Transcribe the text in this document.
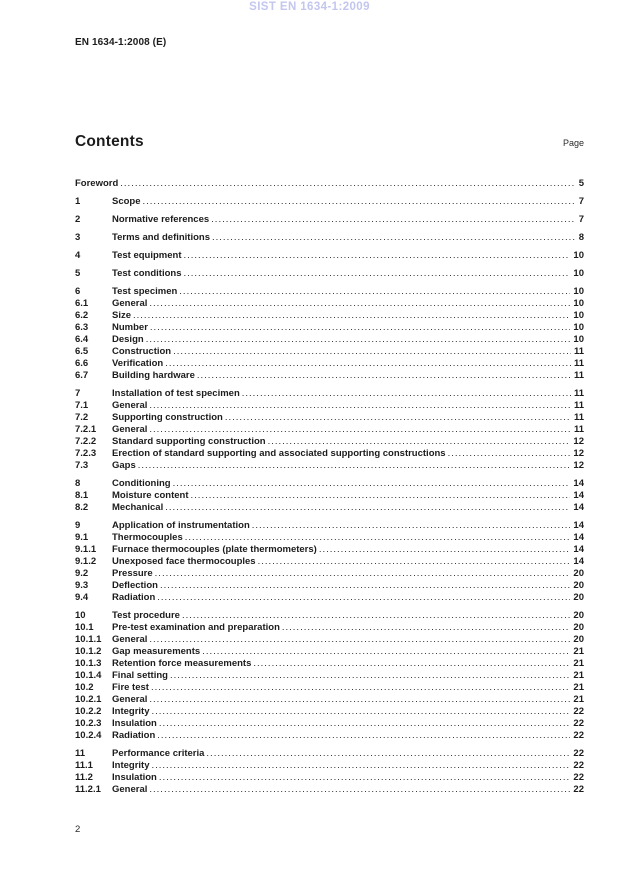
SIST EN 1634-1:2009
EN 1634-1:2008 (E)
Contents	Page
Foreword .....	5
1	Scope .....	7
2	Normative references .....	7
3	Terms and definitions .....	8
4	Test equipment .....	10
5	Test conditions .....	10
6	Test specimen .....	10
6.1	General .....	10
6.2	Size .....	10
6.3	Number .....	10
6.4	Design .....	10
6.5	Construction .....	11
6.6	Verification .....	11
6.7	Building hardware .....	11
7	Installation of test specimen .....	11
7.1	General .....	11
7.2	Supporting construction .....	11
7.2.1	General .....	11
7.2.2	Standard supporting construction .....	12
7.2.3	Erection of standard supporting and associated supporting constructions .....	12
7.3	Gaps .....	12
8	Conditioning .....	14
8.1	Moisture content .....	14
8.2	Mechanical .....	14
9	Application of instrumentation .....	14
9.1	Thermocouples .....	14
9.1.1	Furnace thermocouples (plate thermometers) .....	14
9.1.2	Unexposed face thermocouples .....	14
9.2	Pressure .....	20
9.3	Deflection .....	20
9.4	Radiation .....	20
10	Test procedure .....	20
10.1	Pre-test examination and preparation .....	20
10.1.1	General .....	20
10.1.2	Gap measurements .....	21
10.1.3	Retention force measurements .....	21
10.1.4	Final setting .....	21
10.2	Fire test .....	21
10.2.1	General .....	21
10.2.2	Integrity .....	22
10.2.3	Insulation .....	22
10.2.4	Radiation .....	22
11	Performance criteria .....	22
11.1	Integrity .....	22
11.2	Insulation .....	22
11.2.1	General .....	22
2
